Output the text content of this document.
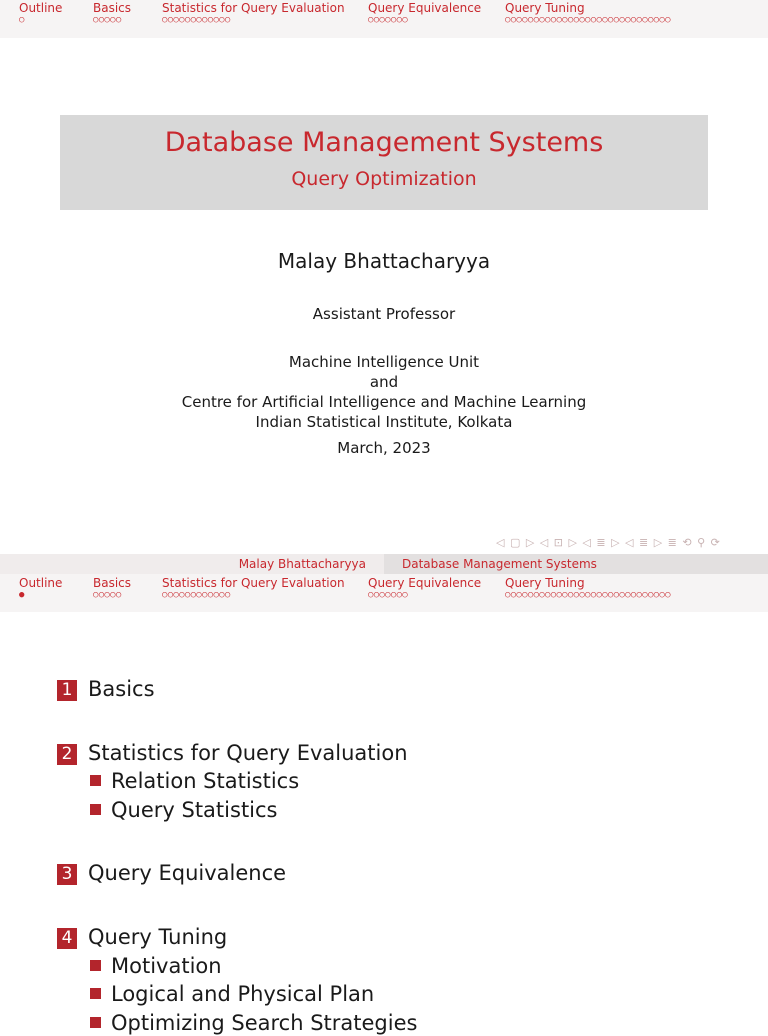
Outline
○
Basics
○○○○○
Statistics for Query Evaluation
○○○○○○○○○○○○
Query Equivalence
○○○○○○○
Query Tuning
○○○○○○○○○○○○○○○○○○○○○○○○○○○○○
Database Management Systems
Query Optimization
Malay Bhattacharyya
Assistant Professor
Machine Intelligence Unit
and
Centre for Artificial Intelligence and Machine Learning
Indian Statistical Institute, Kolkata
March, 2023
◁ ▢ ▷ ◁ ⊡ ▷ ◁ ≣ ▷ ◁ ≣ ▷ ≣ ⟲ ⚲ ⟳
Malay Bhattacharyya	Database Management Systems
Outline
●
Basics
○○○○○
Statistics for Query Evaluation
○○○○○○○○○○○○
Query Equivalence
○○○○○○○
Query Tuning
○○○○○○○○○○○○○○○○○○○○○○○○○○○○○
1 Basics
2 Statistics for Query Evaluation
Relation Statistics
Query Statistics
3 Query Equivalence
4 Query Tuning
Motivation
Logical and Physical Plan
Optimizing Search Strategies
